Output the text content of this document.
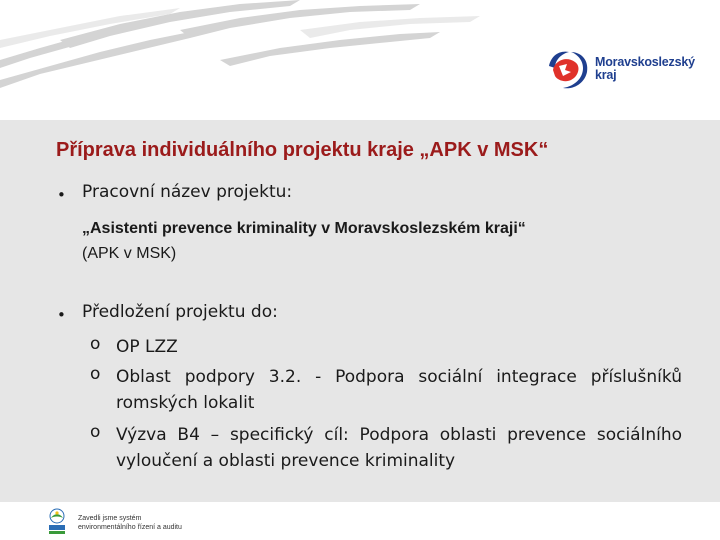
Moravskoslezský
kraj
Příprava individuálního projektu kraje „APK v MSK“
• Pracovní název projektu:
„Asistenti prevence kriminality v Moravskoslezském kraji“
(APK v MSK)
• Předložení projektu do:
o OP LZZ
o Oblast podpory 3.2. - Podpora sociální integrace příslušníků romských lokalit
o Výzva B4 – specifický cíl: Podpora oblasti prevence sociálního vyloučení a oblasti prevence kriminality
Zavedli jsme systém
environmentálního řízení a auditu
